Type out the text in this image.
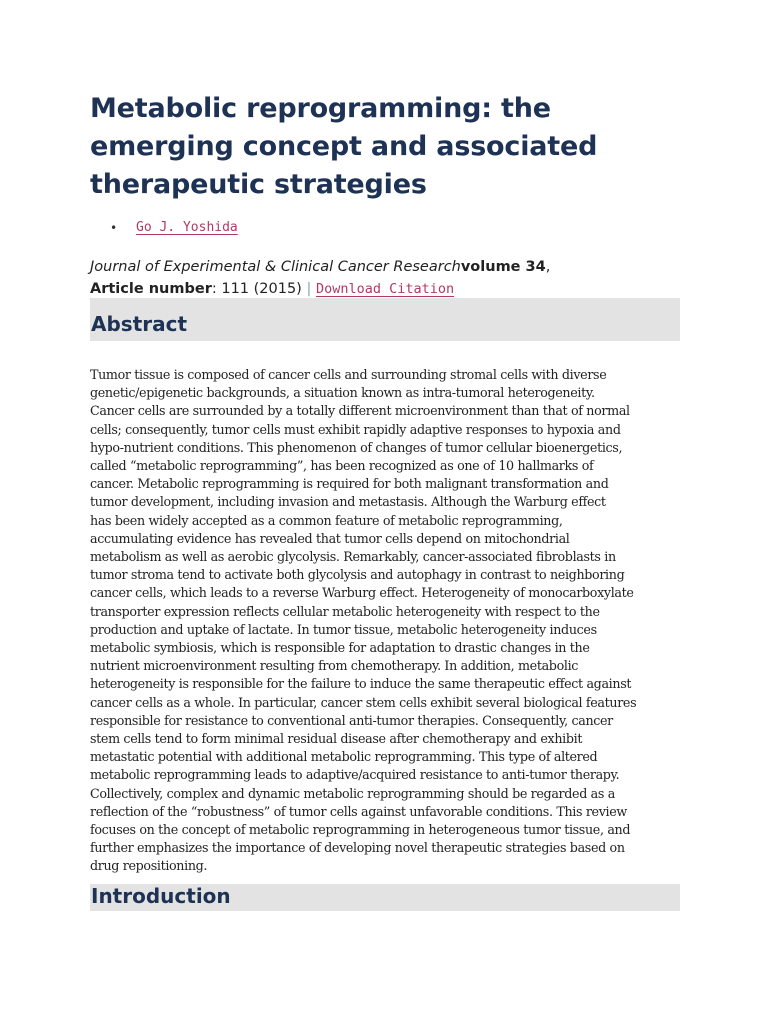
Metabolic reprogramming: the emerging concept and associated therapeutic strategies
• Go J. Yoshida
Journal of Experimental & Clinical Cancer Researchvolume 34,
Article number: 111 (2015) | Download Citation
Abstract
Tumor tissue is composed of cancer cells and surrounding stromal cells with diverse
genetic/epigenetic backgrounds, a situation known as intra-tumoral heterogeneity.
Cancer cells are surrounded by a totally different microenvironment than that of normal
cells; consequently, tumor cells must exhibit rapidly adaptive responses to hypoxia and
hypo-nutrient conditions. This phenomenon of changes of tumor cellular bioenergetics,
called “metabolic reprogramming”, has been recognized as one of 10 hallmarks of
cancer. Metabolic reprogramming is required for both malignant transformation and
tumor development, including invasion and metastasis. Although the Warburg effect
has been widely accepted as a common feature of metabolic reprogramming,
accumulating evidence has revealed that tumor cells depend on mitochondrial
metabolism as well as aerobic glycolysis. Remarkably, cancer-associated fibroblasts in
tumor stroma tend to activate both glycolysis and autophagy in contrast to neighboring
cancer cells, which leads to a reverse Warburg effect. Heterogeneity of monocarboxylate
transporter expression reflects cellular metabolic heterogeneity with respect to the
production and uptake of lactate. In tumor tissue, metabolic heterogeneity induces
metabolic symbiosis, which is responsible for adaptation to drastic changes in the
nutrient microenvironment resulting from chemotherapy. In addition, metabolic
heterogeneity is responsible for the failure to induce the same therapeutic effect against
cancer cells as a whole. In particular, cancer stem cells exhibit several biological features
responsible for resistance to conventional anti-tumor therapies. Consequently, cancer
stem cells tend to form minimal residual disease after chemotherapy and exhibit
metastatic potential with additional metabolic reprogramming. This type of altered
metabolic reprogramming leads to adaptive/acquired resistance to anti-tumor therapy.
Collectively, complex and dynamic metabolic reprogramming should be regarded as a
reflection of the “robustness” of tumor cells against unfavorable conditions. This review
focuses on the concept of metabolic reprogramming in heterogeneous tumor tissue, and
further emphasizes the importance of developing novel therapeutic strategies based on
drug repositioning.
Introduction
